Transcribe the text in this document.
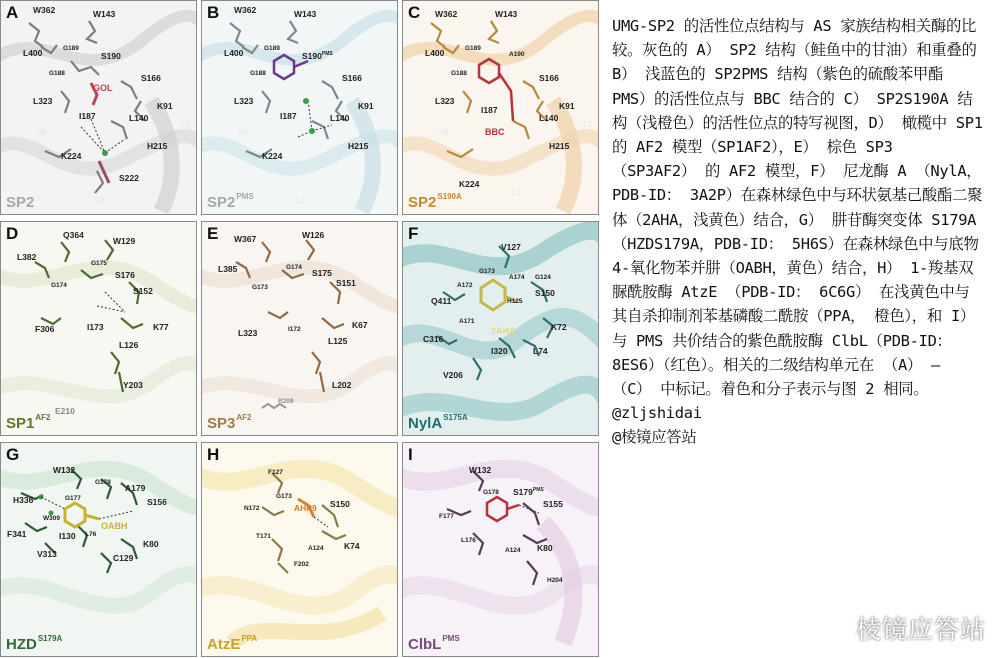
A W362	W143
L400	G189
S190
G188	S166
GOL
L323	K91
I187	L140
H215
K224
S222
L1
α9
L3
SP2
B W362	W143
L400	G189
$S190^{PMS}$
G188	S166
L323	K91
I187	L140
H215
K224
α9
L3
$SP2^{PMS}$
C W362	W143
L400	G189
A190
G188	S166
L323	K91
I187
L140
BBC
H215
K224
L1
α9
L3
$SP2^{S190A}$
D	Q364
W129
L382
G175
S176
G174
S152
F306	I173	K77
L126
Y203
E210
$SP1^{AF2}$
E W367	W126
L385	G174
S175
G173	S151
I172
L323
K67
L125
L202
R209
$SP3^{AF2}$
F
V127
G173
A174 G124
Q411
A172
H125
S150
A171
2AHA	K72
C316
I320	L74
V206
NylA$^{S175A}$
G
W132
G178
H336
A179
G177	S156
W309
OABH
F341	I130 L76
K80
V313	C129
$HZD^{S179A}$
H
F127
G173
N172	AHP9 S150
T171
A124 K74
F202
AtzE$^{PPA}$
I
W132
G178 $S179^{PMS}$
S155
F177
L176
A124 K80
H204
ClbL$^{PMS}$

UMG-SP2 的活性位点结构与 AS 家族结构相关酶的比较。灰色的 A） SP2 结构（鲑鱼中的甘油）和重叠的 B） 浅蓝色的 SP2PMS 结构（紫色的硫酸苯甲酯 PMS）的活性位点与 BBC 结合的 C） SP2S190A 结构（浅橙色）的活性位点的特写视图，D） 橄榄中 SP1 的 AF2 模型（SP1AF2），E） 棕色 SP3 （SP3AF2） 的 AF2 模型，F） 尼龙酶 A （NylA，PDB-ID： 3A2P）在森林绿色中与环状氨基己酸酯二聚体（2AHA，浅黄色）结合，G） 肼苷酶突变体 S179A （HZDS179A，PDB-ID： 5H6S）在森林绿色中与底物 4-氧化物苯并肼（OABH，黄色）结合，H） 1-羧基双脲酰胺酶 AtzE （PDB-ID： 6C6G） 在浅黄色中与其自杀抑制剂苯基磷酸二酰胺（PPA， 橙色），和 I）与 PMS 共价结合的紫色酰胺酶 ClbL（PDB-ID：8ES6）（红色）。相关的二级结构单元在 （A） – （C） 中标记。着色和分子表示与图 2 相同。

@zljshidai

@棱镜应答站

棱镜应答站
